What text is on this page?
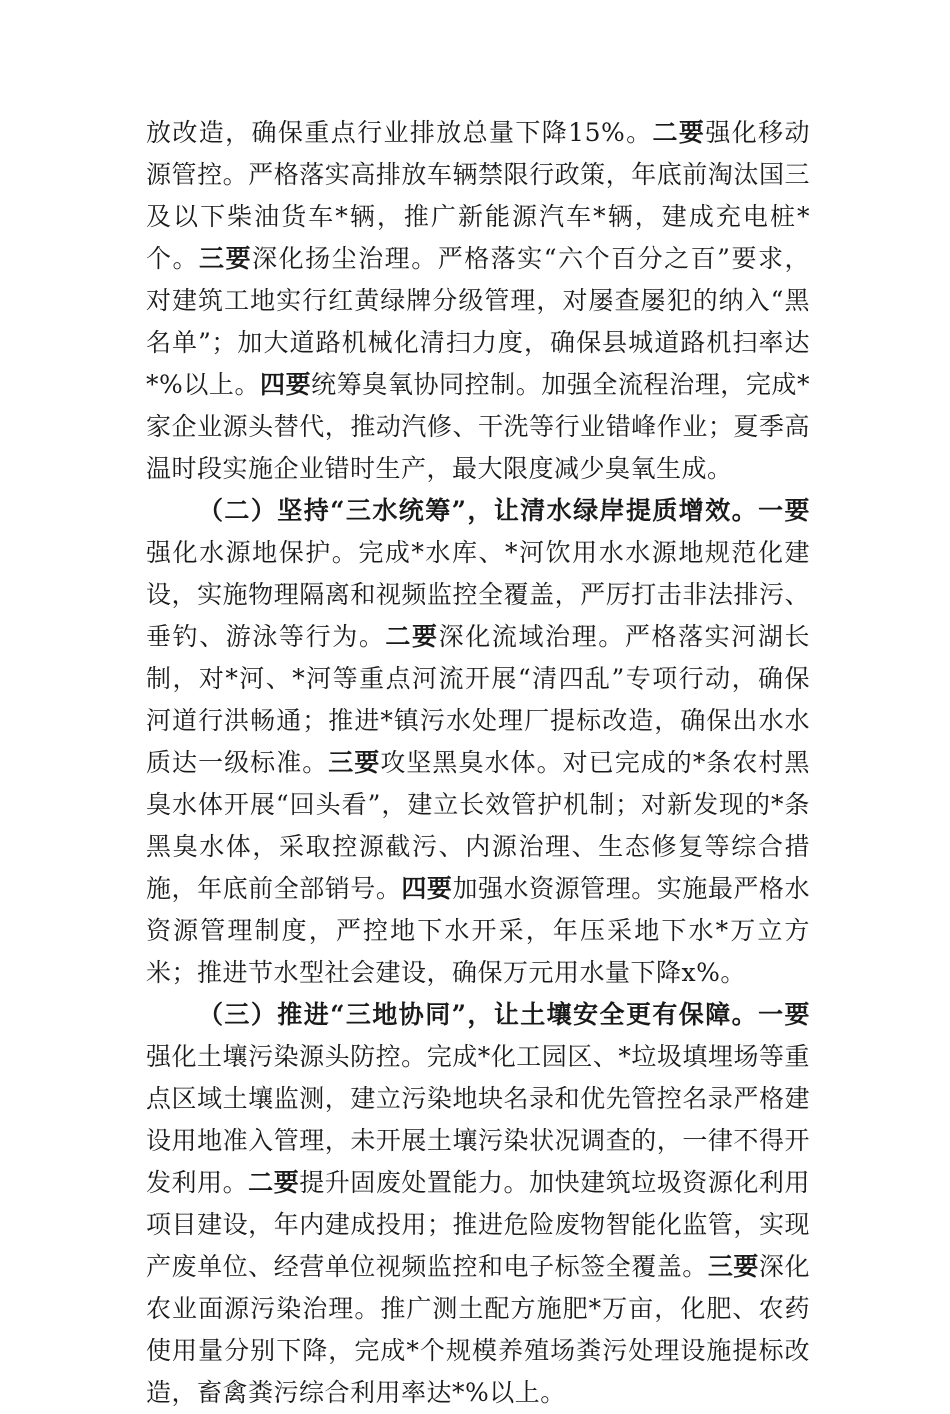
放改造，确保重点行业排放总量下降15%。二要强化移动源管控。严格落实高排放车辆禁限行政策，年底前淘汰国三及以下柴油货车*辆，推广新能源汽车*辆，建成充电桩*个。三要深化扬尘治理。严格落实“六个百分之百”要求，对建筑工地实行红黄绿牌分级管理，对屡查屡犯的纳入“黑名单”；加大道路机械化清扫力度，确保县城道路机扫率达*%以上。四要统筹臭氧协同控制。加强全流程治理，完成*家企业源头替代，推动汽修、干洗等行业错峰作业；夏季高温时段实施企业错时生产，最大限度减少臭氧生成。

（二）坚持“三水统筹”，让清水绿岸提质增效。一要强化水源地保护。完成*水库、*河饮用水水源地规范化建设，实施物理隔离和视频监控全覆盖，严厉打击非法排污、垂钓、游泳等行为。二要深化流域治理。严格落实河湖长制，对*河、*河等重点河流开展“清四乱”专项行动，确保河道行洪畅通；推进*镇污水处理厂提标改造，确保出水水质达一级标准。三要攻坚黑臭水体。对已完成的*条农村黑臭水体开展“回头看”，建立长效管护机制；对新发现的*条黑臭水体，采取控源截污、内源治理、生态修复等综合措施，年底前全部销号。四要加强水资源管理。实施最严格水资源管理制度，严控地下水开采，年压采地下水*万立方米；推进节水型社会建设，确保万元用水量下降x%。

（三）推进“三地协同”，让土壤安全更有保障。一要强化土壤污染源头防控。完成*化工园区、*垃圾填埋场等重点区域土壤监测，建立污染地块名录和优先管控名录严格建设用地准入管理，未开展土壤污染状况调查的，一律不得开发利用。二要提升固废处置能力。加快建筑垃圾资源化利用项目建设，年内建成投用；推进危险废物智能化监管，实现产废单位、经营单位视频监控和电子标签全覆盖。三要深化农业面源污染治理。推广测土配方施肥*万亩，化肥、农药使用量分别下降，完成*个规模养殖场粪污处理设施提标改造，畜禽粪污综合利用率达*%以上。
